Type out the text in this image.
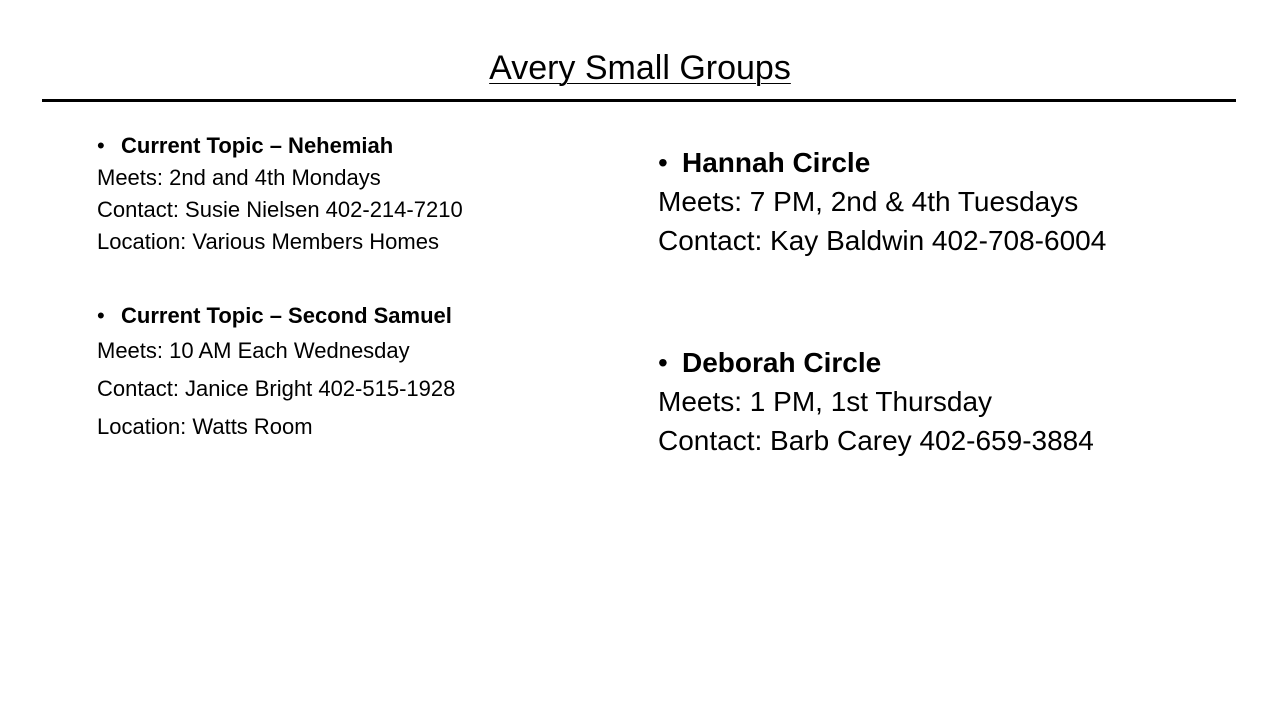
Avery Small Groups
• Current Topic – Nehemiah
Meets: 2nd and 4th Mondays
Contact: Susie Nielsen 402-214-7210
Location: Various Members Homes
• Current Topic – Second Samuel
Meets: 10 AM Each Wednesday
Contact: Janice Bright 402-515-1928
Location: Watts Room
• Hannah Circle
Meets: 7 PM, 2nd & 4th Tuesdays
Contact: Kay Baldwin 402-708-6004
• Deborah Circle
Meets: 1 PM, 1st Thursday
Contact: Barb Carey 402-659-3884
